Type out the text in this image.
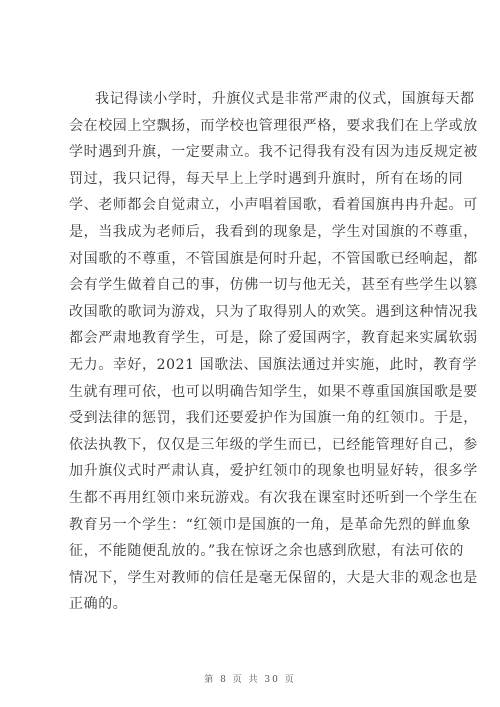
我记得读小学时，升旗仪式是非常严肃的仪式，国旗每天都
会在校园上空飘扬，而学校也管理很严格，要求我们在上学或放
学时遇到升旗，一定要肃立。我不记得我有没有因为违反规定被
罚过，我只记得，每天早上上学时遇到升旗时，所有在场的同
学、老师都会自觉肃立，小声唱着国歌，看着国旗冉冉升起。可
是，当我成为老师后，我看到的现象是，学生对国旗的不尊重，
对国歌的不尊重，不管国旗是何时升起，不管国歌已经响起，都
会有学生做着自己的事，仿佛一切与他无关，甚至有些学生以篡
改国歌的歌词为游戏，只为了取得别人的欢笑。遇到这种情况我
都会严肃地教育学生，可是，除了爱国两字，教育起来实属软弱
无力。幸好，2021 国歌法、国旗法通过并实施，此时，教育学
生就有理可依，也可以明确告知学生，如果不尊重国旗国歌是要
受到法律的惩罚，我们还要爱护作为国旗一角的红领巾。于是，
依法执教下，仅仅是三年级的学生而已，已经能管理好自己，参
加升旗仪式时严肃认真，爱护红领巾的现象也明显好转，很多学
生都不再用红领巾来玩游戏。有次我在课室时还听到一个学生在
教育另一个学生：“红领巾是国旗的一角，是革命先烈的鲜血象
征，不能随便乱放的。”我在惊讶之余也感到欣慰，有法可依的
情况下，学生对教师的信任是毫无保留的，大是大非的观念也是
正确的。
第 8 页 共 30 页
